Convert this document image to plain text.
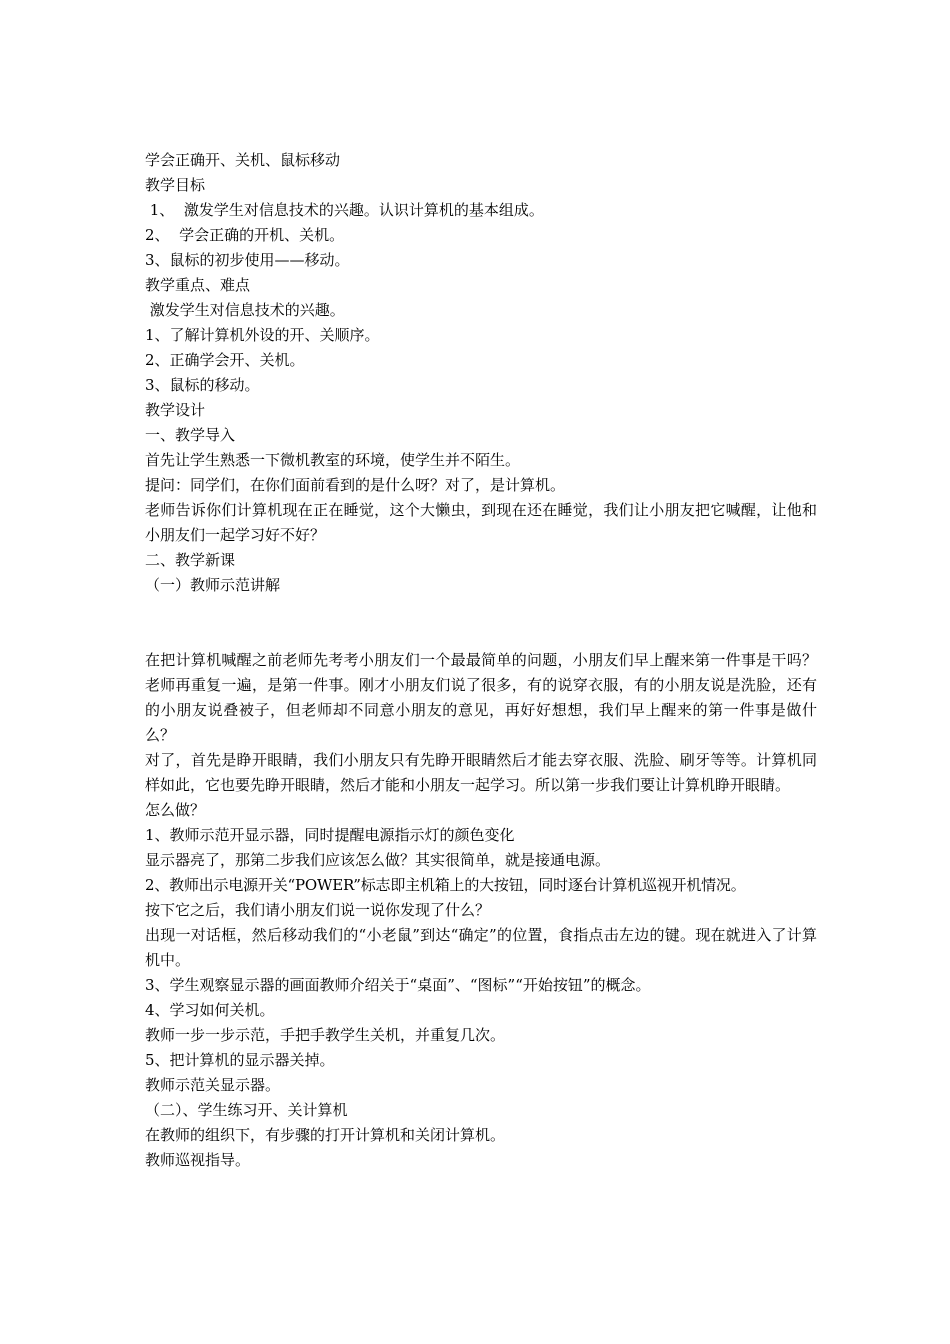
学会正确开、关机、鼠标移动
教学目标
1、  激发学生对信息技术的兴趣。认识计算机的基本组成。
2、  学会正确的开机、关机。
3、鼠标的初步使用——移动。
教学重点、难点
激发学生对信息技术的兴趣。
1、了解计算机外设的开、关顺序。
2、正确学会开、关机。
3、鼠标的移动。
教学设计
一、教学导入
首先让学生熟悉一下微机教室的环境，使学生并不陌生。
提问：同学们，在你们面前看到的是什么呀？对了，是计算机。
老师告诉你们计算机现在正在睡觉，这个大懒虫，到现在还在睡觉，我们让小朋友把它喊醒，让他和小朋友们一起学习好不好？
二、教学新课
（一）教师示范讲解
在把计算机喊醒之前老师先考考小朋友们一个最最简单的问题，小朋友们早上醒来第一件事是干吗？老师再重复一遍，是第一件事。刚才小朋友们说了很多，有的说穿衣服，有的小朋友说是洗脸，还有的小朋友说叠被子，但老师却不同意小朋友的意见，再好好想想，我们早上醒来的第一件事是做什么？
对了，首先是睁开眼睛，我们小朋友只有先睁开眼睛然后才能去穿衣服、洗脸、刷牙等等。计算机同样如此，它也要先睁开眼睛，然后才能和小朋友一起学习。所以第一步我们要让计算机睁开眼睛。
怎么做？
1、教师示范开显示器，同时提醒电源指示灯的颜色变化
显示器亮了，那第二步我们应该怎么做？其实很简单，就是接通电源。
2、教师出示电源开关“POWER”标志即主机箱上的大按钮，同时逐台计算机巡视开机情况。
按下它之后，我们请小朋友们说一说你发现了什么？
出现一对话框，然后移动我们的“小老鼠”到达“确定”的位置，食指点击左边的键。现在就进入了计算机中。
3、学生观察显示器的画面教师介绍关于“桌面”、“图标”“开始按钮”的概念。
4、学习如何关机。
教师一步一步示范，手把手教学生关机，并重复几次。
5、把计算机的显示器关掉。
教师示范关显示器。
（二）、学生练习开、关计算机
在教师的组织下，有步骤的打开计算机和关闭计算机。
教师巡视指导。
